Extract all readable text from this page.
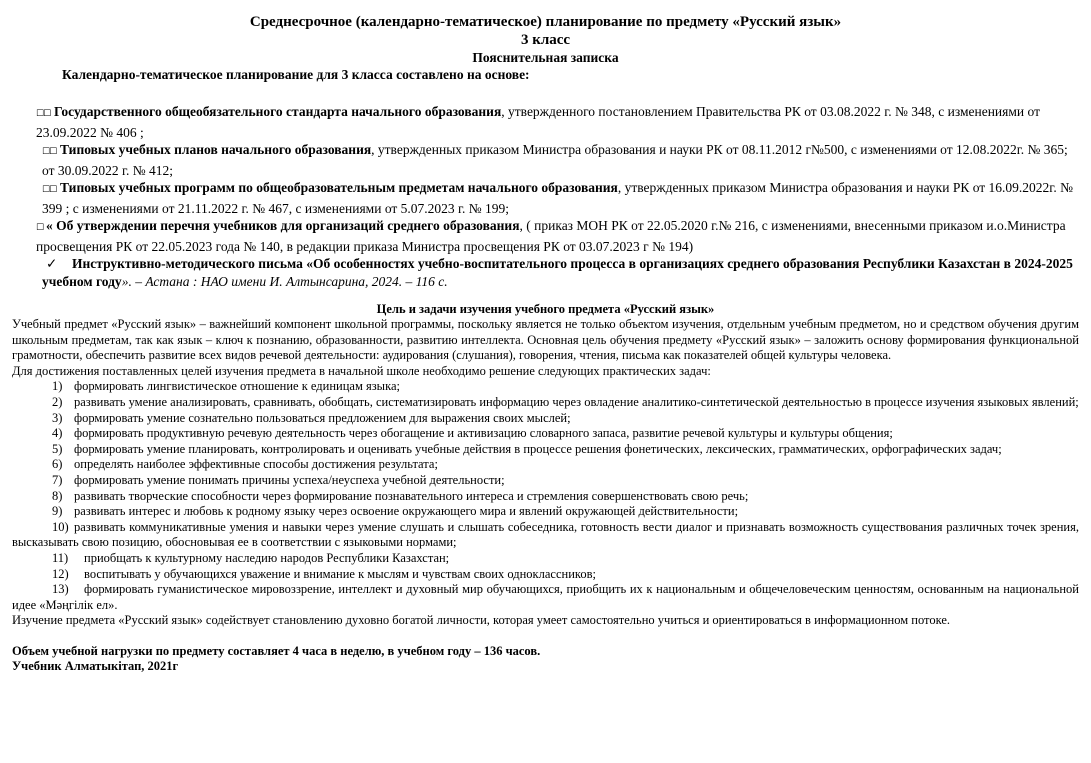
Среднесрочное (календарно-тематическое) планирование по предмету «Русский язык»
3 класс
Пояснительная записка
Календарно-тематическое планирование для 3 класса составлено на основе:

☐☐ Государственного общеобязательного стандарта начального образования, утвержденного постановлением Правительства РК от 03.08.2022 г. № 348, с изменениями от 23.09.2022 № 406 ;

☐☐ Типовых учебных планов начального образования, утвержденных приказом Министра образования и науки РК от 08.11.2012 г№500, с изменениями от 12.08.2022г. № 365; от 30.09.2022 г. № 412;

☐☐ Типовых учебных программ по общеобразовательным предметам начального образования, утвержденных приказом Министра образования и науки РК от 16.09.2022г. № 399 ; с изменениями от 21.11.2022 г. № 467, с изменениями от 5.07.2023 г. № 199;

☐ « Об утверждении перечня учебников для организаций среднего образования, ( приказ МОН РК от 22.05.2020 г.№ 216, с изменениями, внесенными приказом и.о.Министра просвещения РК от 22.05.2023 года № 140, в редакции приказа Министра просвещения РК от 03.07.2023 г № 194)

✓ Инструктивно-методического письма «Об особенностях учебно-воспитательного процесса в организациях среднего образования Республики Казахстан в 2024-2025 учебном году». – Астана : НАО имени И. Алтынсарина, 2024. – 116 с.

Цель и задачи изучения учебного предмета «Русский язык»
Учебный предмет «Русский язык» – важнейший компонент школьной программы, поскольку является не только объектом изучения, отдельным учебным предметом, но и средством обучения другим школьным предметам, так как язык – ключ к познанию, образованности, развитию интеллекта. Основная цель обучения предмету «Русский язык» – заложить основу формирования функциональной грамотности, обеспечить развитие всех видов речевой деятельности: аудирования (слушания), говорения, чтения, письма как показателей общей культуры человека.
Для достижения поставленных целей изучения предмета в начальной школе необходимо решение следующих практических задач:
1) формировать лингвистическое отношение к единицам языка;
2) развивать умение анализировать, сравнивать, обобщать, систематизировать информацию через овладение аналитико-синтетической деятельностью в процессе изучения языковых явлений;
3) формировать умение сознательно пользоваться предложением для выражения своих мыслей;
4) формировать продуктивную речевую деятельность через обогащение и активизацию словарного запаса, развитие речевой культуры и культуры общения;
5) формировать умение планировать, контролировать и оценивать учебные действия в процессе решения фонетических, лексических, грамматических, орфографических задач;
6) определять наиболее эффективные способы достижения результата;
7) формировать умение понимать причины успеха/неуспеха учебной деятельности;
8) развивать творческие способности через формирование познавательного интереса и стремления совершенствовать свою речь;
9) развивать интерес и любовь к родному языку через освоение окружающего мира и явлений окружающей действительности;
10) развивать коммуникативные умения и навыки через умение слушать и слышать собеседника, готовность вести диалог и признавать возможность существования различных точек зрения, высказывать свою позицию, обосновывая ее в соответствии с языковыми нормами;
11) приобщать к культурному наследию народов Республики Казахстан;
12) воспитывать у обучающихся уважение и внимание к мыслям и чувствам своих одноклассников;
13) формировать гуманистическое мировоззрение, интеллект и духовный мир обучающихся, приобщить их к национальным и общечеловеческим ценностям, основанным на национальной идее «Мәңгілік ел».
Изучение предмета «Русский язык» содействует становлению духовно богатой личности, которая умеет самостоятельно учиться и ориентироваться в информационном потоке.
Объем учебной нагрузки по предмету составляет 4 часа в неделю, в учебном году – 136 часов.
Учебник Алматыкітап, 2021г
